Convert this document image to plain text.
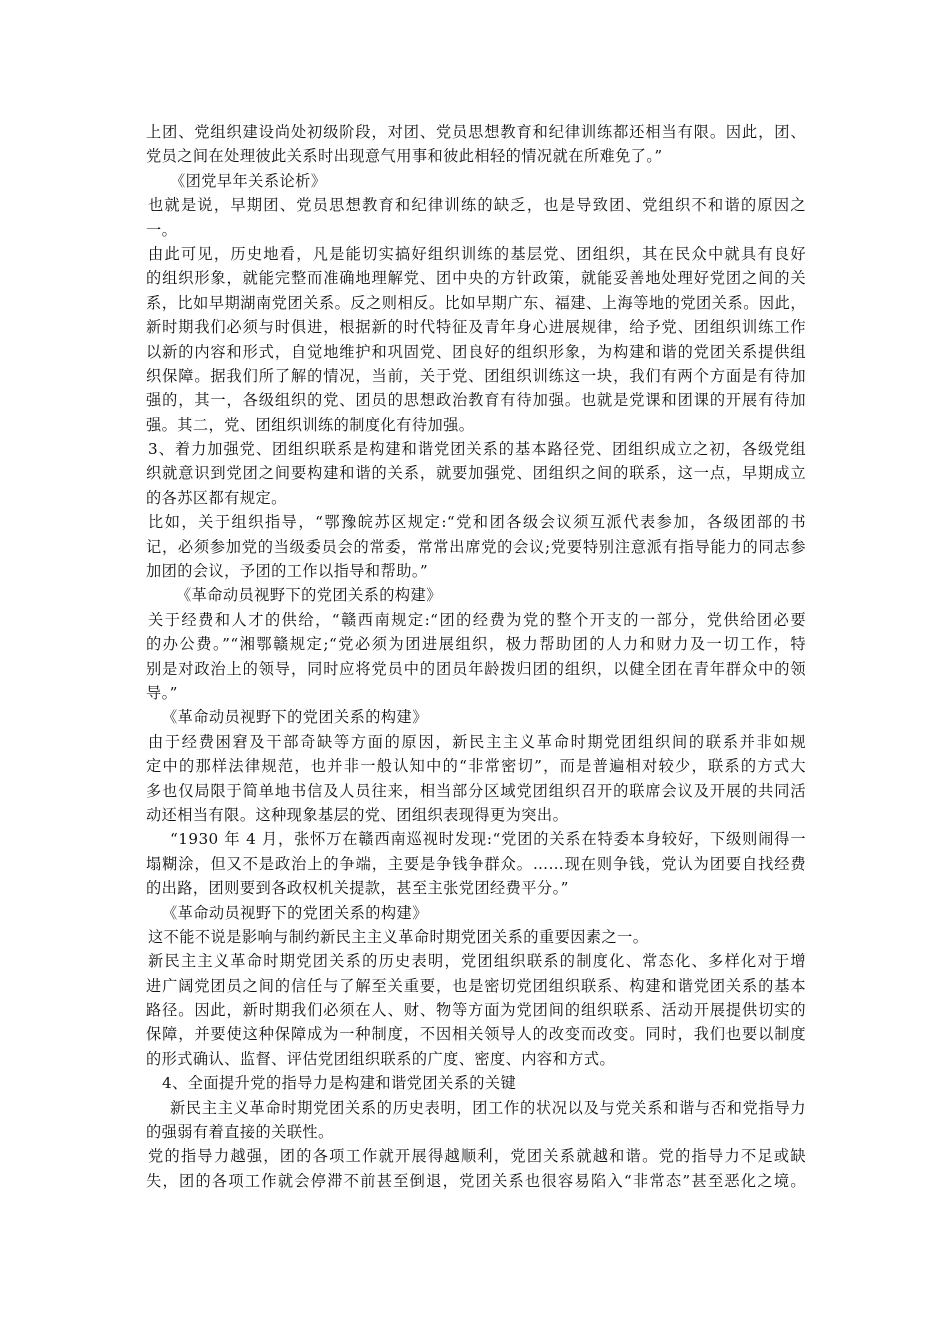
上团、党组织建设尚处初级阶段，对团、党员思想教育和纪律训练都还相当有限。因此，团、
党员之间在处理彼此关系时出现意气用事和彼此相轻的情况就在所难免了。”
《团党早年关系论析》
也就是说，早期团、党员思想教育和纪律训练的缺乏，也是导致团、党组织不和谐的原因之
一。
由此可见，历史地看，凡是能切实搞好组织训练的基层党、团组织，其在民众中就具有良好
的组织形象，就能完整而准确地理解党、团中央的方针政策，就能妥善地处理好党团之间的关
系，比如早期湖南党团关系。反之则相反。比如早期广东、福建、上海等地的党团关系。因此，
新时期我们必须与时俱进，根据新的时代特征及青年身心进展规律，给予党、团组织训练工作
以新的内容和形式，自觉地维护和巩固党、团良好的组织形象，为构建和谐的党团关系提供组
织保障。据我们所了解的情况，当前，关于党、团组织训练这一块，我们有两个方面是有待加
强的，其一，各级组织的党、团员的思想政治教育有待加强。也就是党课和团课的开展有待加
强。其二，党、团组织训练的制度化有待加强。
3、着力加强党、团组织联系是构建和谐党团关系的基本路径党、团组织成立之初，各级党组
织就意识到党团之间要构建和谐的关系，就要加强党、团组织之间的联系，这一点，早期成立
的各苏区都有规定。
比如，关于组织指导，“鄂豫皖苏区规定:“党和团各级会议须互派代表参加，各级团部的书
记，必须参加党的当级委员会的常委，常常出席党的会议;党要特别注意派有指导能力的同志参
加团的会议，予团的工作以指导和帮助。”
《革命动员视野下的党团关系的构建》
关于经费和人才的供给，“赣西南规定:“团的经费为党的整个开支的一部分，党供给团必要
的办公费。”“湘鄂赣规定;“党必须为团进展组织，极力帮助团的人力和财力及一切工作，特
别是对政治上的领导，同时应将党员中的团员年龄拨归团的组织，以健全团在青年群众中的领
导。”
《革命动员视野下的党团关系的构建》
由于经费困窘及干部奇缺等方面的原因，新民主主义革命时期党团组织间的联系并非如规
定中的那样法律规范，也并非一般认知中的“非常密切”，而是普遍相对较少，联系的方式大
多也仅局限于简单地书信及人员往来，相当部分区域党团组织召开的联席会议及开展的共同活
动还相当有限。这种现象基层的党、团组织表现得更为突出。
“1930 年 4 月，张怀万在赣西南巡视时发现:“党团的关系在特委本身较好，下级则闹得一
塌糊涂，但又不是政治上的争端，主要是争钱争群众。……现在则争钱，党认为团要自找经费
的出路，团则要到各政权机关提款，甚至主张党团经费平分。”
《革命动员视野下的党团关系的构建》
这不能不说是影响与制约新民主主义革命时期党团关系的重要因素之一。
新民主主义革命时期党团关系的历史表明，党团组织联系的制度化、常态化、多样化对于增
进广阔党团员之间的信任与了解至关重要，也是密切党团组织联系、构建和谐党团关系的基本
路径。因此，新时期我们必须在人、财、物等方面为党团间的组织联系、活动开展提供切实的
保障，并要使这种保障成为一种制度，不因相关领导人的改变而改变。同时，我们也要以制度
的形式确认、监督、评估党团组织联系的广度、密度、内容和方式。
4、全面提升党的指导力是构建和谐党团关系的关键
新民主主义革命时期党团关系的历史表明，团工作的状况以及与党关系和谐与否和党指导力
的强弱有着直接的关联性。
党的指导力越强，团的各项工作就开展得越顺利，党团关系就越和谐。党的指导力不足或缺
失，团的各项工作就会停滞不前甚至倒退，党团关系也很容易陷入“非常态”甚至恶化之境。
